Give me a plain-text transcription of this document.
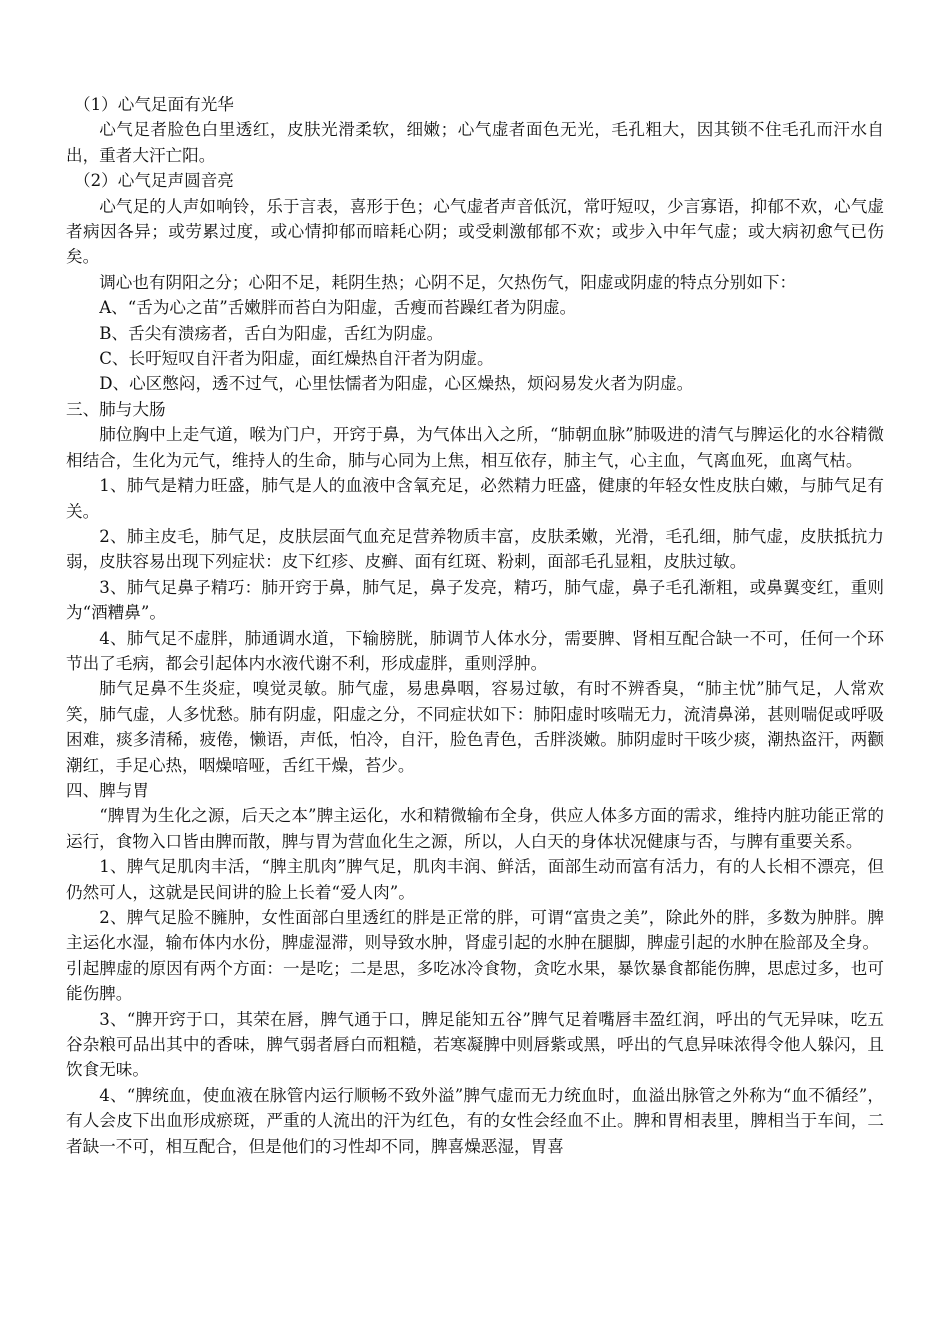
（1）心气足面有光华

心气足者脸色白里透红，皮肤光滑柔软，细嫩；心气虚者面色无光，毛孔粗大，因其锁不住毛孔而汗水自出，重者大汗亡阳。

（2）心气足声圆音亮

心气足的人声如响铃，乐于言表，喜形于色；心气虚者声音低沉，常吁短叹，少言寡语，抑郁不欢，心气虚者病因各异；或劳累过度，或心情抑郁而暗耗心阴；或受刺激郁郁不欢；或步入中年气虚；或大病初愈气已伤矣。

调心也有阴阳之分；心阳不足，耗阴生热；心阴不足，欠热伤气，阳虚或阴虚的特点分别如下：

A、“舌为心之苗”舌嫩胖而苔白为阳虚，舌瘦而苔躁红者为阴虚。

B、舌尖有溃疡者，舌白为阳虚，舌红为阴虚。

C、长吁短叹自汗者为阳虚，面红燥热自汗者为阴虚。

D、心区憋闷，透不过气，心里怯懦者为阳虚，心区燥热，烦闷易发火者为阴虚。

三、肺与大肠

肺位胸中上走气道，喉为门户，开窍于鼻，为气体出入之所，“肺朝血脉”肺吸进的清气与脾运化的水谷精微相结合，生化为元气，维持人的生命，肺与心同为上焦，相互依存，肺主气，心主血，气离血死，血离气枯。

1、肺气是精力旺盛，肺气是人的血液中含氧充足，必然精力旺盛，健康的年轻女性皮肤白嫩，与肺气足有关。

2、肺主皮毛，肺气足，皮肤层面气血充足营养物质丰富，皮肤柔嫩，光滑，毛孔细，肺气虚，皮肤抵抗力弱，皮肤容易出现下列症状：皮下红疹、皮癣、面有红斑、粉刺，面部毛孔显粗，皮肤过敏。

3、肺气足鼻子精巧：肺开窍于鼻，肺气足，鼻子发亮，精巧，肺气虚，鼻子毛孔渐粗，或鼻翼变红，重则为“酒糟鼻”。

4、肺气足不虚胖，肺通调水道，下输膀胱，肺调节人体水分，需要脾、肾相互配合缺一不可，任何一个环节出了毛病，都会引起体内水液代谢不利，形成虚胖，重则浮肿。

肺气足鼻不生炎症，嗅觉灵敏。肺气虚，易患鼻咽，容易过敏，有时不辨香臭，“肺主忧”肺气足，人常欢笑，肺气虚，人多忧愁。肺有阴虚，阳虚之分，不同症状如下：肺阳虚时咳喘无力，流清鼻涕，甚则喘促或呼吸困难，痰多清稀，疲倦，懒语，声低，怕冷，自汗，脸色青色，舌胖淡嫩。肺阴虚时干咳少痰，潮热盗汗，两颧潮红，手足心热，咽燥喑哑，舌红干燥，苔少。

四、脾与胃

“脾胃为生化之源，后天之本”脾主运化，水和精微输布全身，供应人体多方面的需求，维持内脏功能正常的运行，食物入口皆由脾而散，脾与胃为营血化生之源，所以，人白天的身体状况健康与否，与脾有重要关系。

1、脾气足肌肉丰活，“脾主肌肉”脾气足，肌肉丰润、鲜活，面部生动而富有活力，有的人长相不漂亮，但仍然可人，这就是民间讲的脸上长着“爱人肉”。

2、脾气足脸不臃肿，女性面部白里透红的胖是正常的胖，可谓“富贵之美”，除此外的胖，多数为肿胖。脾主运化水湿，输布体内水份，脾虚湿滞，则导致水肿，肾虚引起的水肿在腿脚，脾虚引起的水肿在脸部及全身。

引起脾虚的原因有两个方面：一是吃；二是思，多吃冰冷食物，贪吃水果，暴饮暴食都能伤脾，思虑过多，也可能伤脾。

3、“脾开窍于口，其荣在唇，脾气通于口，脾足能知五谷”脾气足着嘴唇丰盈红润，呼出的气无异味，吃五谷杂粮可品出其中的香味，脾气弱者唇白而粗糙，若寒凝脾中则唇紫或黑，呼出的气息异味浓得令他人躲闪，且饮食无味。

4、“脾统血，使血液在脉管内运行顺畅不致外溢”脾气虚而无力统血时，血溢出脉管之外称为“血不循经”，有人会皮下出血形成瘀斑，严重的人流出的汗为红色，有的女性会经血不止。脾和胃相表里，脾相当于车间，二者缺一不可，相互配合，但是他们的习性却不同，脾喜燥恶湿，胃喜
